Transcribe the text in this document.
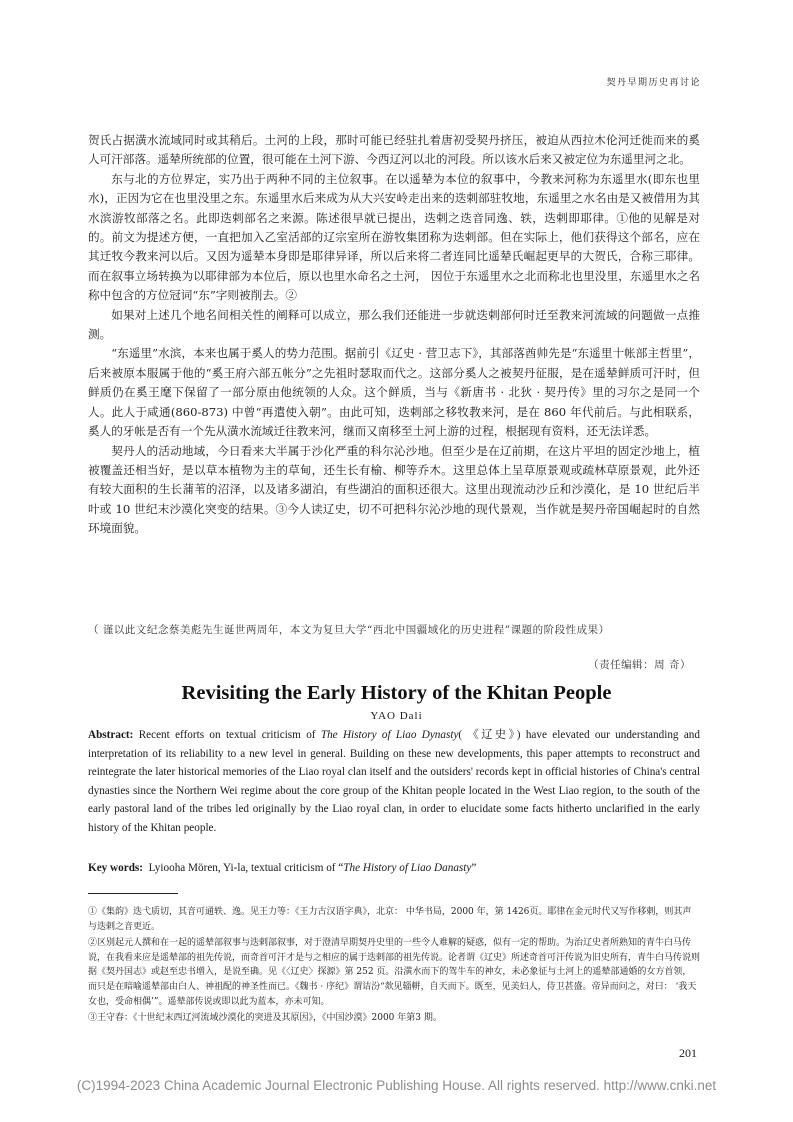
契丹早期历史再讨论

贺氏占据潢水流域同时或其稍后。土河的上段，那时可能已经驻扎着唐初受契丹挤压，被迫从西拉木伦河迁徙而来的奚人可汗部落。遥辇所统部的位置，很可能在土河下游、今西辽河以北的河段。所以该水后来又被定位为东遥里河之北。

东与北的方位界定，实乃出于两种不同的主位叙事。在以遥辇为本位的叙事中，今教来河称为东遥里水(即东也里水)，正因为它在也里没里之东。东遥里水后来成为从大兴安岭走出来的迭剌部驻牧地，东遥里之水名由是又被借用为其水滨游牧部落之名。此即迭剌部名之来源。陈述很早就已提出，迭剌之迭音同逸、轶，迭剌即耶律。①他的见解是对的。前文为提述方便，一直把加入乙室活部的辽宗室所在游牧集团称为迭剌部。但在实际上，他们获得这个部名，应在其迁牧今教来河以后。又因为遥辇本身即是耶律异译，所以后来将二者连同比遥辇氏崛起更早的大贺氏，合称三耶律。而在叙事立场转换为以耶律部为本位后，原以也里水命名之土河， 因位于东遥里水之北而称北也里没里，东遥里水之名称中包含的方位冠词“东”字则被削去。②

如果对上述几个地名间相关性的阐释可以成立，那么我们还能进一步就迭剌部何时迁至教来河流域的问题做一点推测。

“东遥里”水滨，本来也属于奚人的势力范围。据前引《辽史 · 营卫志下》，其部落酋帅先是“东遥里十帐部主哲里”，后来被原本服属于他的“奚王府六部五帐分”之先祖时瑟取而代之。这部分奚人之被契丹征服，是在遥辇鲜质可汗时，但鲜质仍在奚王麾下保留了一部分原由他统领的人众。这个鲜质，当与《新唐书 · 北狄 · 契丹传》里的习尔之是同一个人。此人于咸通(860-873) 中曾“再遣使入朝”。由此可知，迭剌部之移牧教来河，是在 860 年代前后。与此相联系，奚人的牙帐是否有一个先从潢水流域迁往教来河，继而又南移至土河上游的过程，根据现有资料，还无法详悉。

契丹人的活动地域，今日看来大半属于沙化严重的科尔沁沙地。但至少是在辽前期，在这片平坦的固定沙地上，植被覆盖还相当好，是以草本植物为主的草甸，还生长有榆、柳等乔木。这里总体上呈草原景观或疏林草原景观，此外还有较大面积的生长蒲苇的沼泽，以及诸多湖泊，有些湖泊的面积还很大。这里出现流动沙丘和沙漠化，是 10 世纪后半叶或 10 世纪末沙漠化突变的结果。③今人读辽史，切不可把科尔沁沙地的现代景观，当作就是契丹帝国崛起时的自然环境面貌。

（ 谨以此文纪念蔡美彪先生诞世两周年，本文为复旦大学“西北中国疆域化的历史进程”课题的阶段性成果）
（责任编辑：周 奇）
Revisiting the Early History of the Khitan People
YAO Dali
Abstract: Recent efforts on textual criticism of The History of Liao Dynasty( 《辽史》) have elevated our understanding and interpretation of its reliability to a new level in general. Building on these new developments, this paper attempts to reconstruct and reintegrate the later historical memories of the Liao royal clan itself and the outsiders' records kept in official histories of China's central dynasties since the Northern Wei regime about the core group of the Khitan people located in the West Liao region, to the south of the early pastoral land of the tribes led originally by the Liao royal clan, in order to elucidate some facts hitherto unclarified in the early history of the Khitan people.
Key words: Lyiooha Mören, Yi-la, textual criticism of “The History of Liao Danasty”

①《集韵》迭弋质切，其音可通轶、逸。见王力等：《王力古汉语字典》，北京： 中华书局，2000 年，第 1426页。耶律在金元时代又写作移剌，则其声与迭剌之音更近。

②区别起元人撰和在一起的遥辇部叙事与迭剌部叙事，对于澄清早期契丹史里的一些令人难解的疑惑，似有一定的帮助。为治辽史者所熟知的青牛白马传说，在我看来应是遥辇部的祖先传说，而奇首可汗才是与之相应的属于迭剌部的祖先传说。论者谓《辽史》所述奇首可汗传说为旧史所有，青牛白马传说则据《契丹国志》或赵至忠书增入，是说至确。见《〈辽史〉探源》第 252 页。沿潢水而下的驾牛车的神女，未必象征与土河上的遥辇部通婚的女方首领，而只是在暗喻遥辇部由白人、神祖配的神圣性而已。《魏书 · 序纪》谓诘汾“欻见辎軿，自天而下。既至，见美妇人，侍卫甚盛。帝异而问之，对曰： ‘我天女也，受命相偶’”。遥辇部传说或即以此为蓝本，亦未可知。

③王守春：《十世纪末西辽河流域沙漠化的突进及其原因》，《中国沙漠》2000 年第3 期。

201
(C)1994-2023 China Academic Journal Electronic Publishing House. All rights reserved. http://www.cnki.net
